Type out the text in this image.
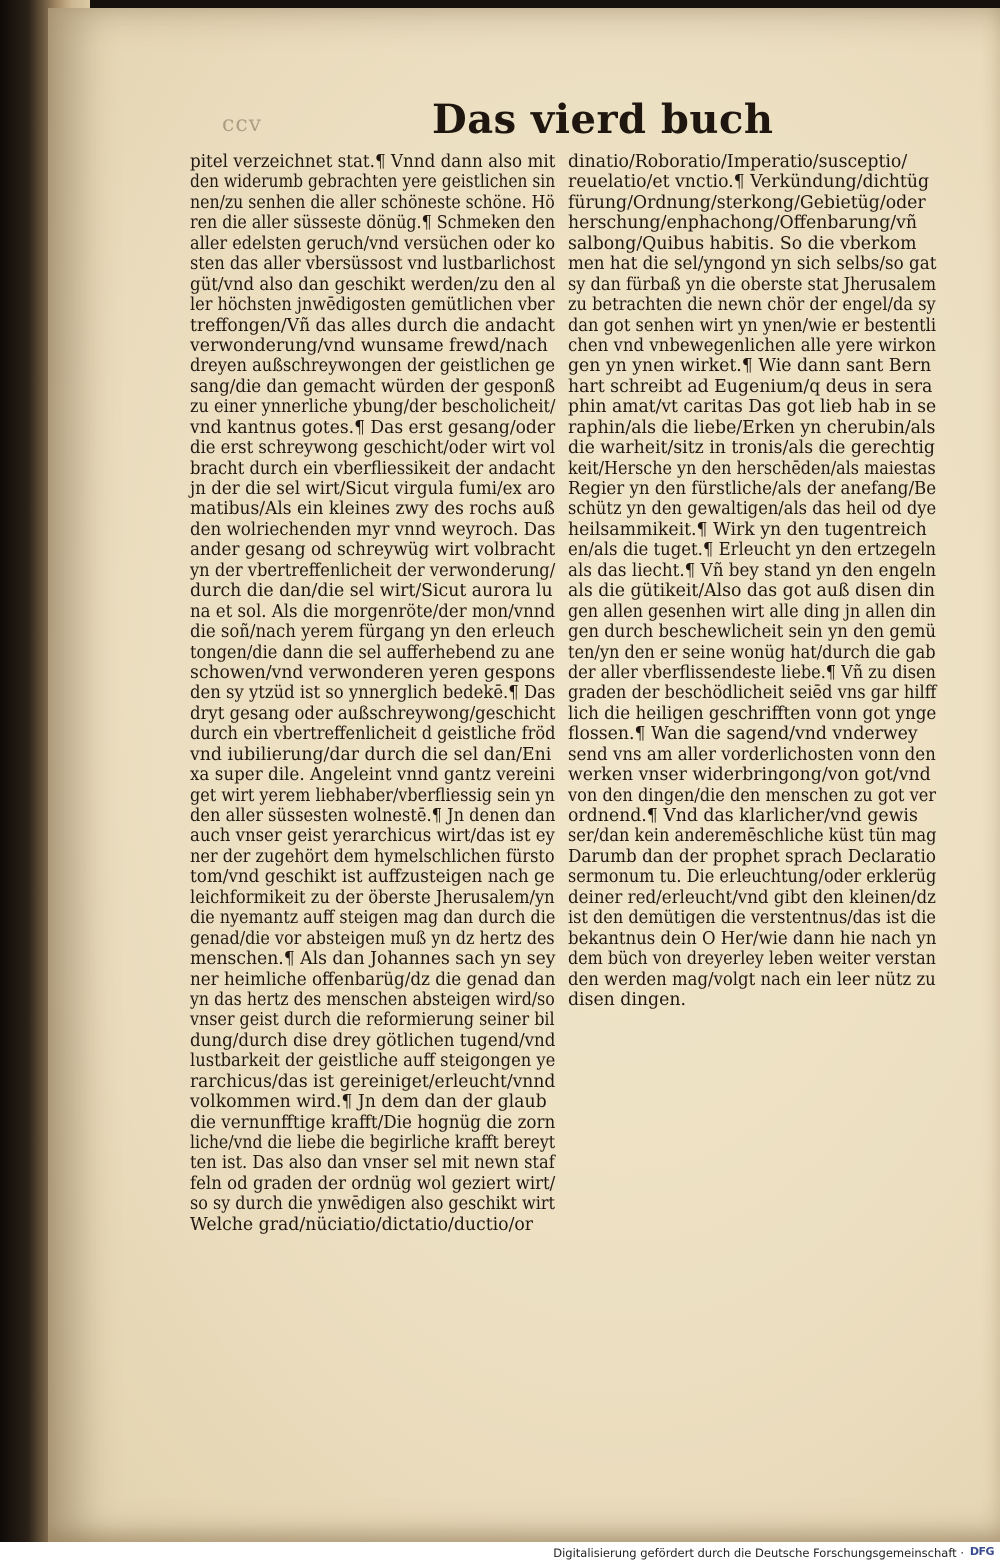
ccv	Das vierd buch
pitel verzeichnet stat.¶ Vnnd dann also mit
den widerumb gebrachten yere geistlichen sin
nen/zu senhen die aller schöneste schöne. Hö
ren die aller süsseste dönüg.¶ Schmeken den
aller edelsten geruch/vnd versüchen oder ko
sten das aller vbersüssost vnd lustbarlichost
güt/vnd also dan geschikt werden/zu den al
ler höchsten jnwēdigosten gemütlichen vber
treffongen/Vñ das alles durch die andacht
verwonderung/vnd wunsame frewd/nach
dreyen außschreywongen der geistlichen ge
sang/die dan gemacht würden der gesponß
zu einer ynnerliche ybung/der bescholicheit/
vnd kantnus gotes.¶ Das erst gesang/oder
die erst schreywong geschicht/oder wirt vol
bracht durch ein vberfliessikeit der andacht
jn der die sel wirt/Sicut virgula fumi/ex aro
matibus/Als ein kleines zwy des rochs auß
den wolriechenden myr vnnd weyroch. Das
ander gesang od schreywüg wirt volbracht
yn der vbertreffenlicheit der verwonderung/
durch die dan/die sel wirt/Sicut aurora lu
na et sol. Als die morgenröte/der mon/vnnd
die soñ/nach yerem fürgang yn den erleuch
tongen/die dann die sel aufferhebend zu ane
schowen/vnd verwonderen yeren gespons
den sy ytzüd ist so ynnerglich bedekē.¶ Das
dryt gesang oder außschreywong/geschicht
durch ein vbertreffenlicheit d geistliche fröd
vnd iubilierung/dar durch die sel dan/Eni
xa super dile. Angeleint vnnd gantz vereini
get wirt yerem liebhaber/vberfliessig sein yn
den aller süssesten wolnestē.¶ Jn denen dan
auch vnser geist yerarchicus wirt/das ist ey
ner der zugehört dem hymelschlichen fürsto
tom/vnd geschikt ist auffzusteigen nach ge
leichformikeit zu der öberste Jherusalem/yn
die nyemantz auff steigen mag dan durch die
genad/die vor absteigen muß yn dz hertz des
menschen.¶ Als dan Johannes sach yn sey
ner heimliche offenbarüg/dz die genad dan
yn das hertz des menschen absteigen wird/so
vnser geist durch die reformierung seiner bil
dung/durch dise drey götlichen tugend/vnd
lustbarkeit der geistliche auff steigongen ye
rarchicus/das ist gereiniget/erleucht/vnnd
volkommen wird.¶ Jn dem dan der glaub
die vernunfftige krafft/Die hognüg die zorn
liche/vnd die liebe die begirliche krafft bereyt
ten ist. Das also dan vnser sel mit newn staf
feln od graden der ordnüg wol geziert wirt/
so sy durch die ynwēdigen also geschikt wirt
Welche grad/nüciatio/dictatio/ductio/or
dinatio/Roboratio/Imperatio/susceptio/
reuelatio/et vnctio.¶ Verkündung/dichtüg
fürung/Ordnung/sterkong/Gebietüg/oder
herschung/enphachong/Offenbarung/vñ
salbong/Quibus habitis. So die vberkom
men hat die sel/yngond yn sich selbs/so gat
sy dan fürbaß yn die oberste stat Jherusalem
zu betrachten die newn chör der engel/da sy
dan got senhen wirt yn ynen/wie er bestentli
chen vnd vnbewegenlichen alle yere wirkon
gen yn ynen wirket.¶ Wie dann sant Bern
hart schreibt ad Eugenium/q deus in sera
phin amat/vt caritas Das got lieb hab in se
raphin/als die liebe/Erken yn cherubin/als
die warheit/sitz in tronis/als die gerechtig
keit/Hersche yn den herschēden/als maiestas
Regier yn den fürstliche/als der anefang/Be
schütz yn den gewaltigen/als das heil od dye
heilsammikeit.¶ Wirk yn den tugentreich
en/als die tuget.¶ Erleucht yn den ertzegeln
als das liecht.¶ Vñ bey stand yn den engeln
als die gütikeit/Also das got auß disen din
gen allen gesenhen wirt alle ding jn allen din
gen durch beschewlicheit sein yn den gemü
ten/yn den er seine wonüg hat/durch die gab
der aller vberflissendeste liebe.¶ Vñ zu disen
graden der beschödlicheit seiēd vns gar hilff
lich die heiligen geschrifften vonn got ynge
flossen.¶ Wan die sagend/vnd vnderwey
send vns am aller vorderlichosten vonn den
werken vnser widerbringong/von got/vnd
von den dingen/die den menschen zu got ver
ordnend.¶ Vnd das klarlicher/vnd gewis
ser/dan kein anderemēschliche küst tün mag
Darumb dan der prophet sprach Declaratio
sermonum tu. Die erleuchtung/oder erklerüg
deiner red/erleucht/vnd gibt den kleinen/dz
ist den demütigen die verstentnus/das ist die
bekantnus dein O Her/wie dann hie nach yn
dem büch von dreyerley leben weiter verstan
den werden mag/volgt nach ein leer nütz zu
disen dingen.
Digitalisierung gefördert durch die Deutsche Forschungsgemeinschaft · DFG
